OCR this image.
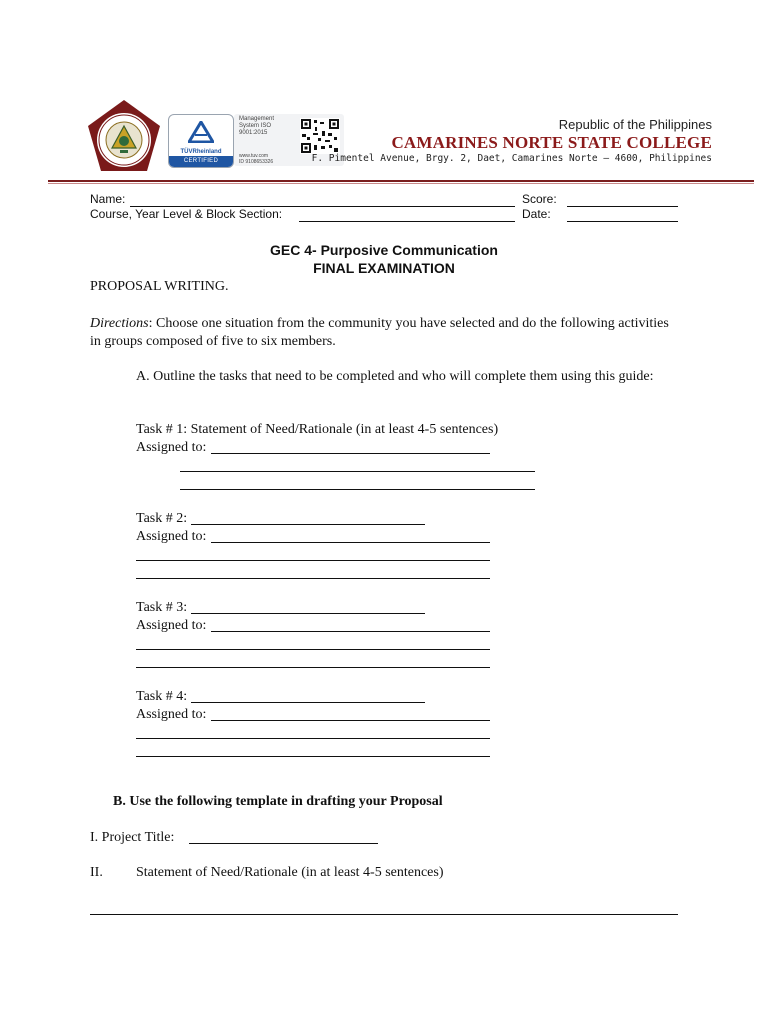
TÜVRheinland
CERTIFIED
Management System ISO 9001:2015
www.tuv.com
ID 9108653326
Republic of the Philippines
CAMARINES NORTE STATE COLLEGE
F. Pimentel Avenue, Brgy. 2, Daet, Camarines Norte – 4600, Philippines
Name:	Score:
Course, Year Level & Block Section:	Date:
GEC 4- Purposive Communication
FINAL EXAMINATION
PROPOSAL WRITING.
Directions: Choose one situation from the community you have selected and do the following activities in groups composed of five to six members.
A. Outline the tasks that need to be completed and who will complete them using this guide:
Task # 1: Statement of Need/Rationale (in at least 4-5 sentences)
Assigned to:
Task # 2:
Assigned to:
Task # 3:
Assigned to:
Task # 4:
Assigned to:
B. Use the following template in drafting your Proposal
I. Project Title:
II. Statement of Need/Rationale (in at least 4-5 sentences)
